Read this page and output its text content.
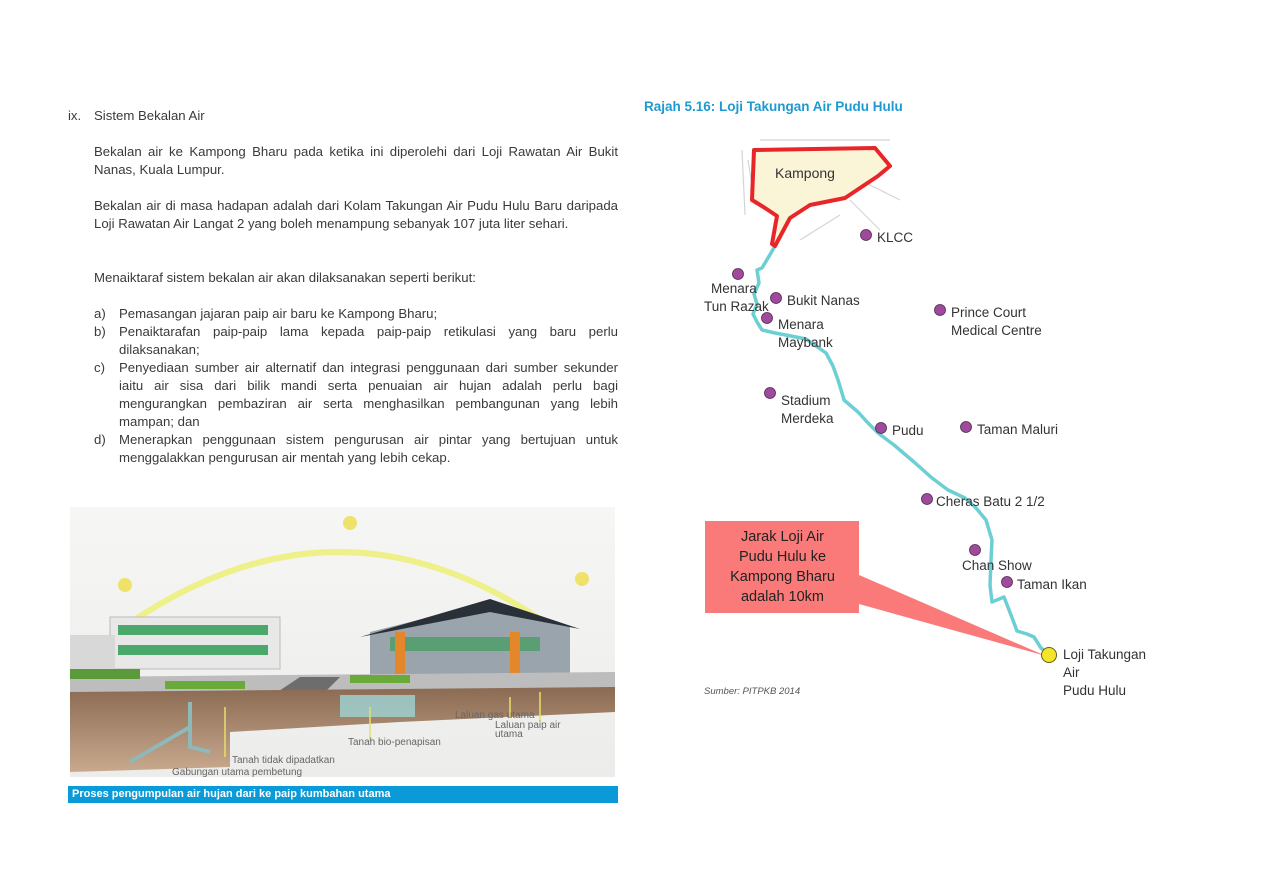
ix. Sistem Bekalan Air
Bekalan air ke Kampong Bharu pada ketika ini diperolehi dari Loji Rawatan Air Bukit Nanas, Kuala Lumpur.
Bekalan air di masa hadapan adalah dari Kolam Takungan Air Pudu Hulu Baru daripada Loji Rawatan Air Langat 2 yang boleh menampung sebanyak 107 juta liter sehari.
Menaiktaraf sistem bekalan air akan dilaksanakan seperti berikut:
a) Pemasangan jajaran paip air baru ke Kampong Bharu;
b) Penaiktarafan paip-paip lama kepada paip-paip retikulasi yang baru perlu dilaksanakan;
c) Penyediaan sumber air alternatif dan integrasi penggunaan dari sumber sekunder iaitu air sisa dari bilik mandi serta penuaian air hujan adalah perlu bagi mengurangkan pembaziran air serta menghasilkan pembangunan yang lebih mampan; dan
d) Menerapkan penggunaan sistem pengurusan air pintar yang bertujuan untuk menggalakkan pengurusan air mentah yang lebih cekap.
Laluan gas utama
Laluan paip air
utama
Tanah bio-penapisan
Tanah tidak dipadatkan
Gabungan utama pembetung
Proses pengumpulan air hujan dari ke paip kumbahan utama
Rajah 5.16: Loji Takungan Air Pudu Hulu
Kampong
KLCC
Menara
Tun Razak Bukit Nanas
Menara
Maybank
Prince Court
Medical Centre
Stadium
Merdeka
Pudu	Taman Maluri
Cheras Batu 2 1/2
Chan Show
Taman Ikan
Loji Takungan
Air
Pudu Hulu
Jarak Loji Air
Pudu Hulu ke
Kampong Bharu
adalah 10km
Sumber: PITPKB 2014
